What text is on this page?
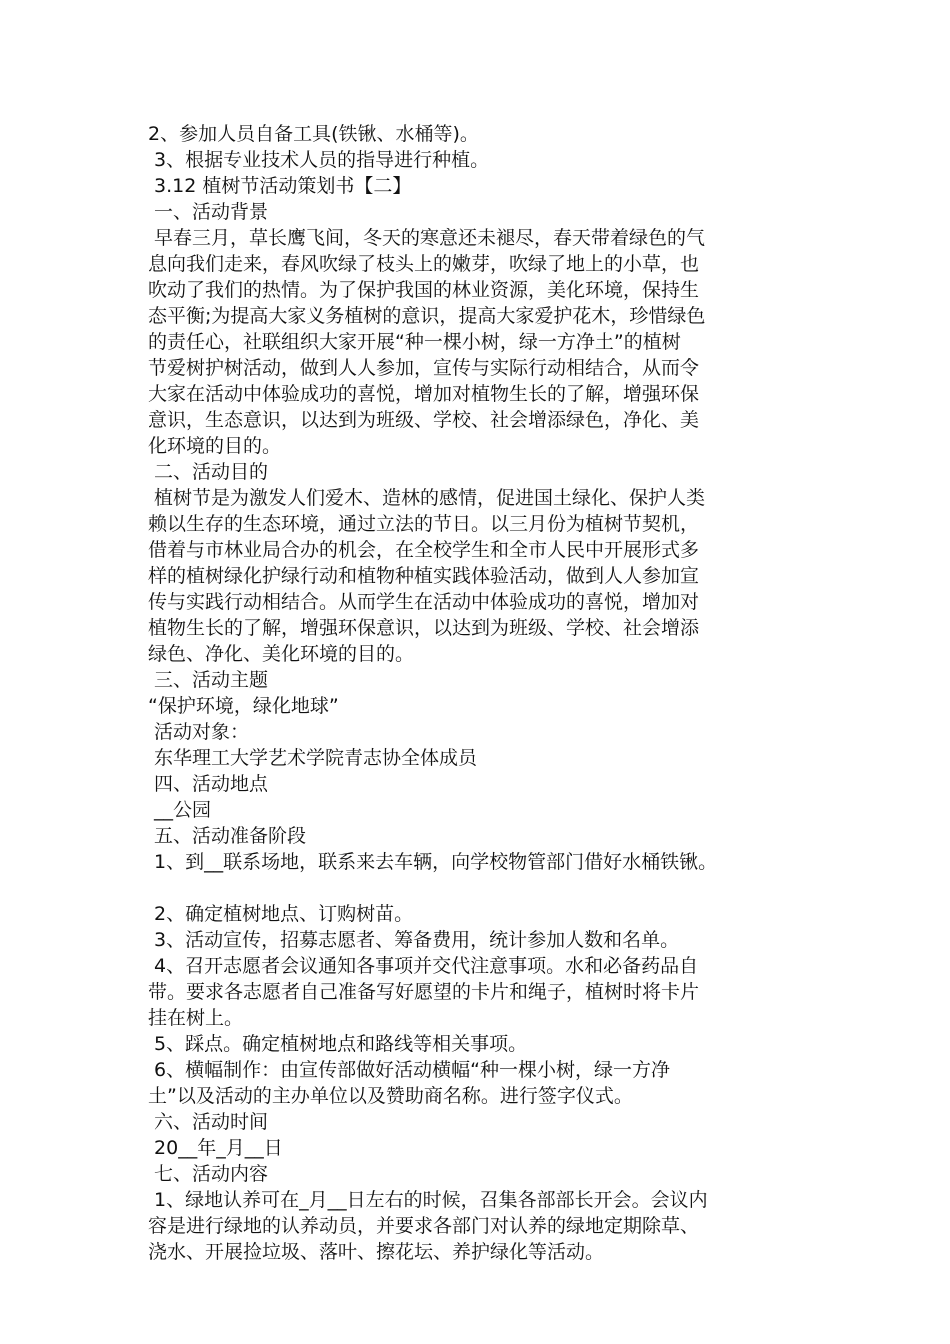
2、参加人员自备工具(铁锹、水桶等)。
3、根据专业技术人员的指导进行种植。
3.12 植树节活动策划书【二】
一、活动背景
早春三月，草长鹰飞间，冬天的寒意还未褪尽，春天带着绿色的气
息向我们走来，春风吹绿了枝头上的嫩芽，吹绿了地上的小草，也
吹动了我们的热情。为了保护我国的林业资源，美化环境，保持生
态平衡;为提高大家义务植树的意识，提高大家爱护花木，珍惜绿色
的责任心，社联组织大家开展“种一棵小树，绿一方净土”的植树
节爱树护树活动，做到人人参加，宣传与实际行动相结合，从而令
大家在活动中体验成功的喜悦，增加对植物生长的了解，增强环保
意识，生态意识，以达到为班级、学校、社会增添绿色，净化、美
化环境的目的。
二、活动目的
植树节是为激发人们爱木、造林的感情，促进国土绿化、保护人类
赖以生存的生态环境，通过立法的节日。以三月份为植树节契机，
借着与市林业局合办的机会，在全校学生和全市人民中开展形式多
样的植树绿化护绿行动和植物种植实践体验活动，做到人人参加宣
传与实践行动相结合。从而学生在活动中体验成功的喜悦，增加对
植物生长的了解，增强环保意识，以达到为班级、学校、社会增添
绿色、净化、美化环境的目的。
三、活动主题
“保护环境，绿化地球”
活动对象：
东华理工大学艺术学院青志协全体成员
四、活动地点
__公园
五、活动准备阶段
1、到__联系场地，联系来去车辆，向学校物管部门借好水桶铁锹。
2、确定植树地点、订购树苗。
3、活动宣传，招募志愿者、筹备费用，统计参加人数和名单。
4、召开志愿者会议通知各事项并交代注意事项。水和必备药品自
带。要求各志愿者自己准备写好愿望的卡片和绳子，植树时将卡片
挂在树上。
5、踩点。确定植树地点和路线等相关事项。
6、横幅制作：由宣传部做好活动横幅“种一棵小树，绿一方净
土”以及活动的主办单位以及赞助商名称。进行签字仪式。
六、活动时间
20__年_月__日
七、活动内容
1、绿地认养可在_月__日左右的时候，召集各部部长开会。会议内
容是进行绿地的认养动员，并要求各部门对认养的绿地定期除草、
浇水、开展捡垃圾、落叶、擦花坛、养护绿化等活动。
